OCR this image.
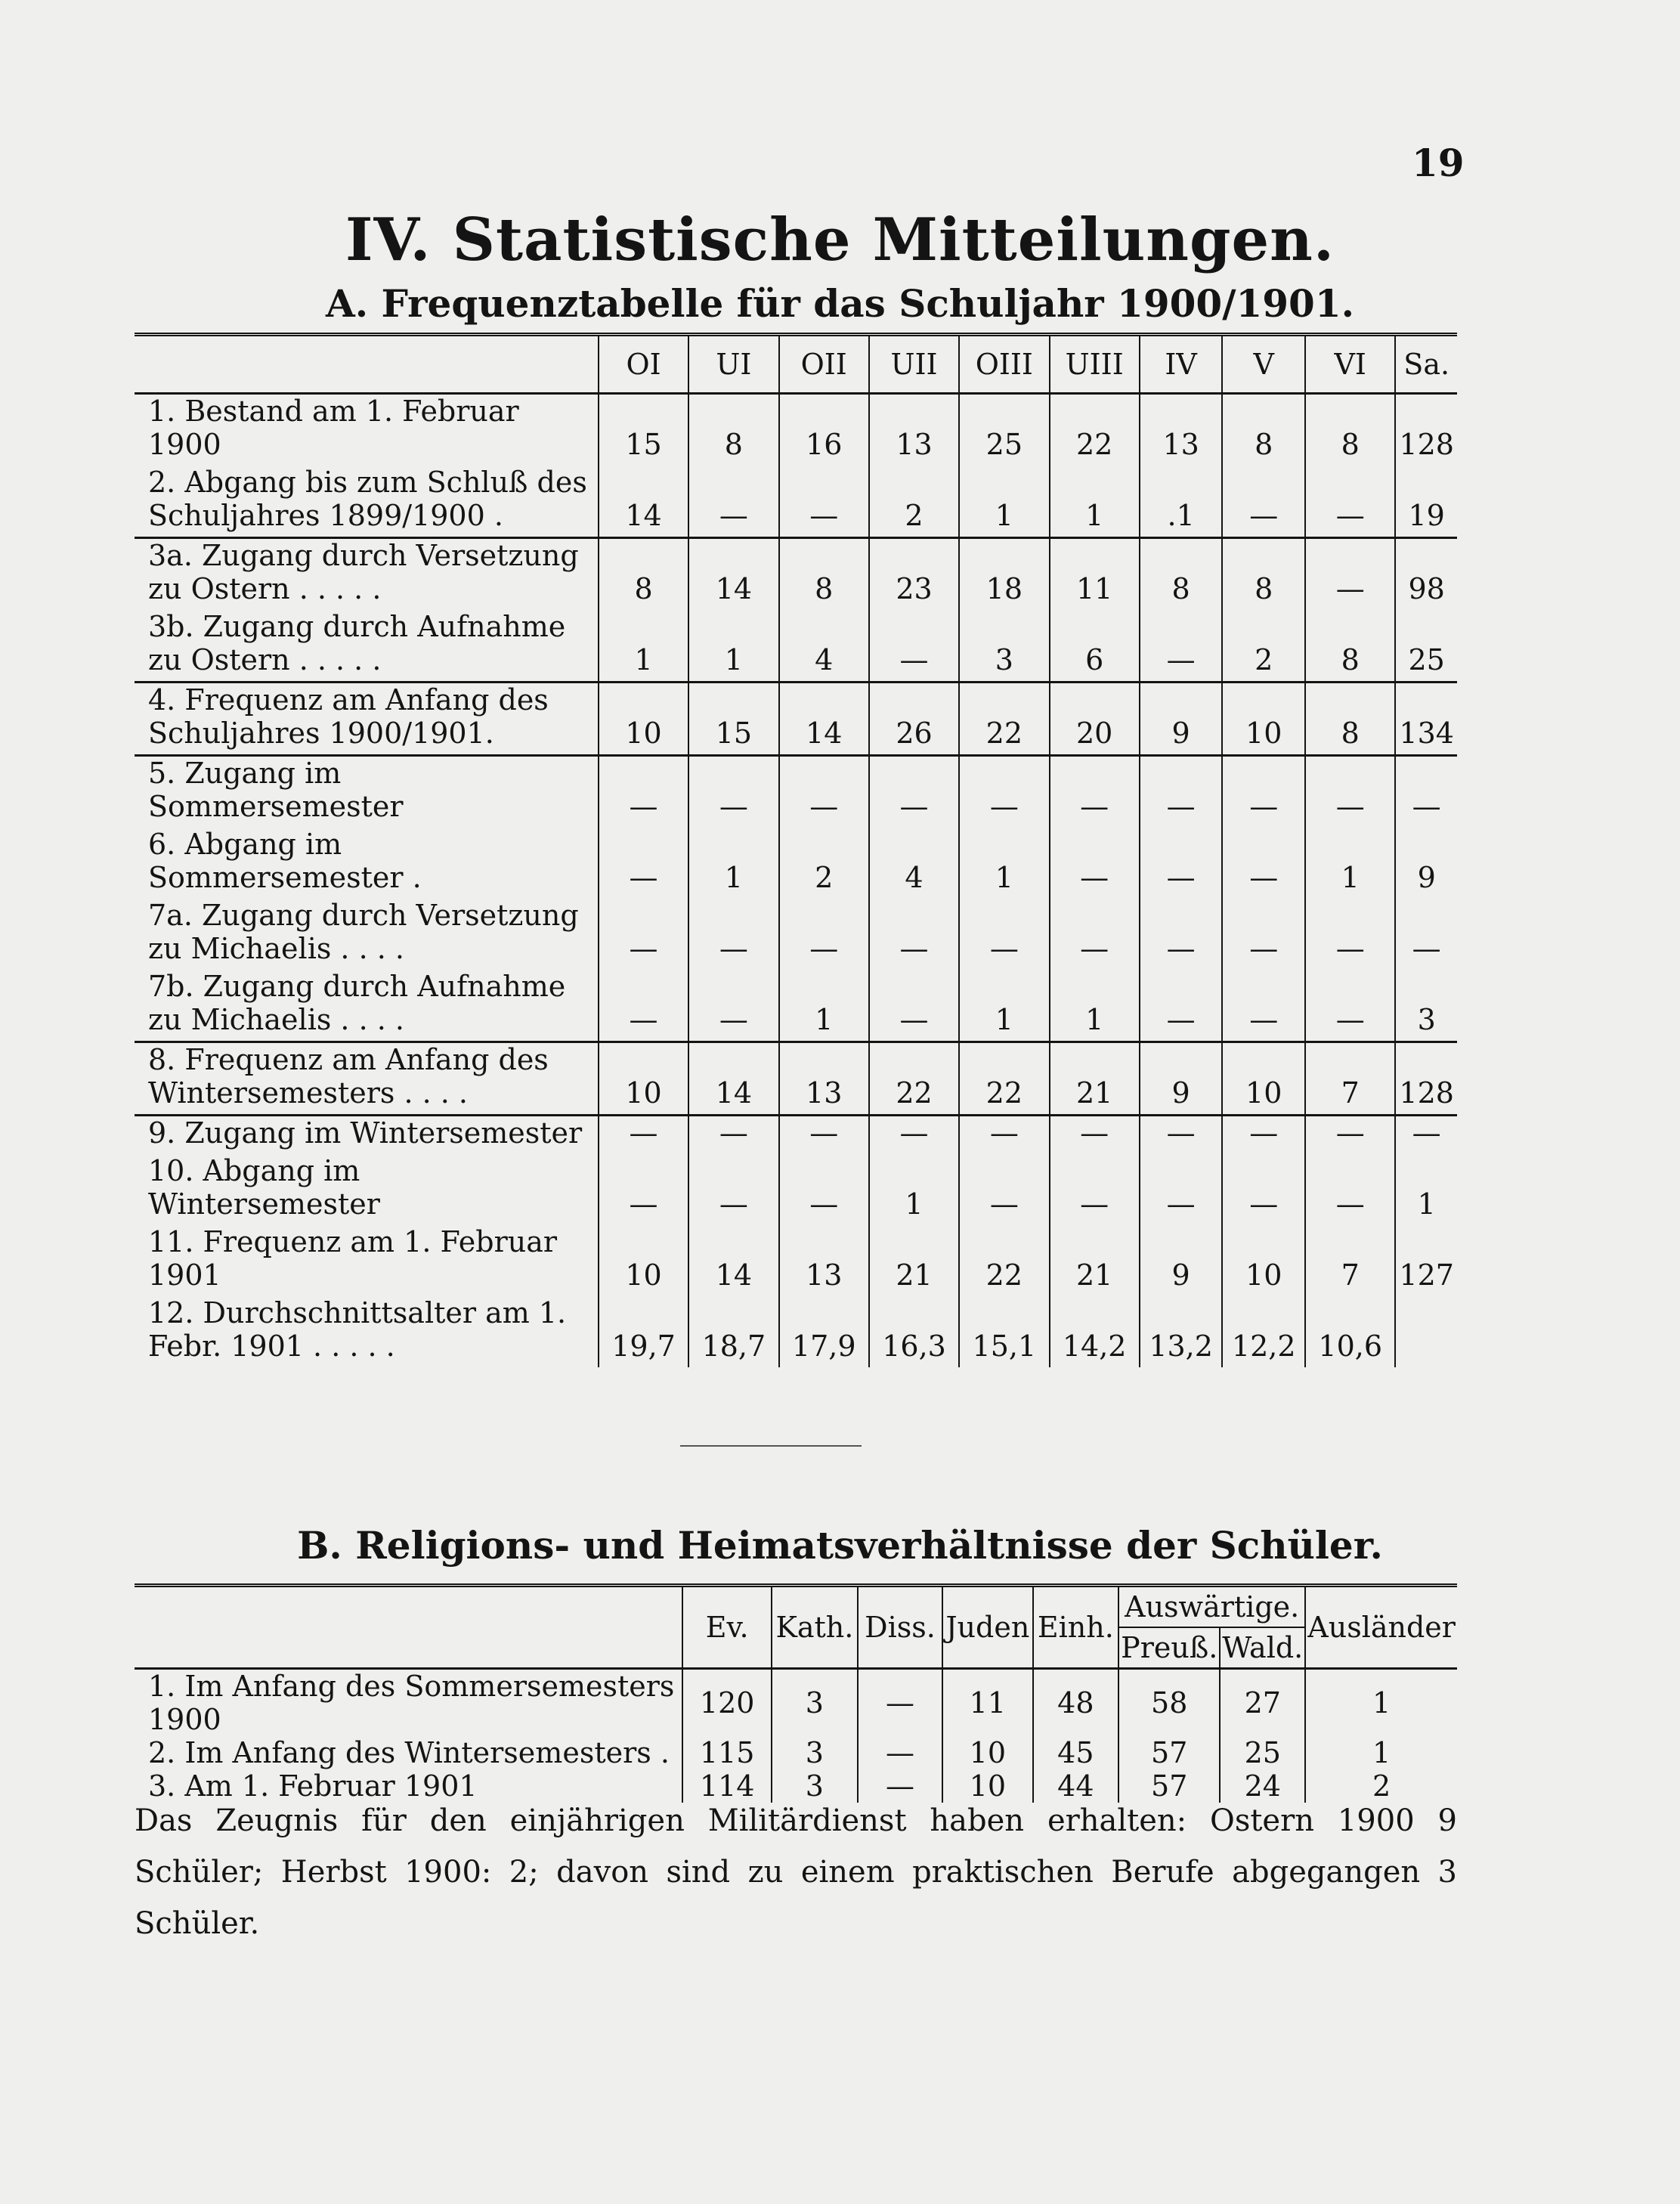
19
IV. Statistische Mitteilungen.
A. Frequenztabelle für das Schuljahr 1900/1901.
	OI	UI	OII	UII	OIII	UIII	IV	V	VI	Sa.
1. Bestand am 1. Februar 1900	15	8	16	13	25	22	13	8	8	128
2. Abgang bis zum Schluß des Schuljahres 1899/1900 .	14	—	—	2	1	1	.1	—	—	19
3a. Zugang durch Versetzung zu Ostern . . . . .	8	14	8	23	18	11	8	8	—	98
3b. Zugang durch Aufnahme zu Ostern . . . . .	1	1	4	—	3	6	—	2	8	25
4. Frequenz am Anfang des Schuljahres 1900/1901.	10	15	14	26	22	20	9	10	8	134
5. Zugang im Sommersemester	—	—	—	—	—	—	—	—	—	—
6. Abgang im Sommersemester .	—	1	2	4	1	—	—	—	1	9
7a. Zugang durch Versetzung zu Michaelis . . . .	—	—	—	—	—	—	—	—	—	—
7b. Zugang durch Aufnahme zu Michaelis . . . .	—	—	1	—	1	1	—	—	—	3
8. Frequenz am Anfang des Wintersemesters . . . .	10	14	13	22	22	21	9	10	7	128
9. Zugang im Wintersemester	—	—	—	—	—	—	—	—	—	—
10. Abgang im Wintersemester	—	—	—	1	—	—	—	—	—	1
11. Frequenz am 1. Februar 1901	10	14	13	21	22	21	9	10	7	127
12. Durchschnittsalter am 1. Febr. 1901 . . . . .	19,7	18,7	17,9	16,3	15,1	14,2	13,2	12,2	10,6	
B. Religions- und Heimatsverhältnisse der Schüler.
	Ev.	Kath.	Diss.	Juden	Einh.	Auswärtige.		Ausländer
						Preuß.	Wald.	
1. Im Anfang des Sommersemesters 1900	120	3	—	11	48	58	27	1
2. Im Anfang des Wintersemesters .	115	3	—	10	45	57	25	1
3. Am 1. Februar 1901	114	3	—	10	44	57	24	2
Das Zeugnis für den einjährigen Militärdienst haben erhalten: Ostern 1900 9 Schüler; Herbst 1900: 2; davon sind zu einem praktischen Berufe abgegangen 3 Schüler.
